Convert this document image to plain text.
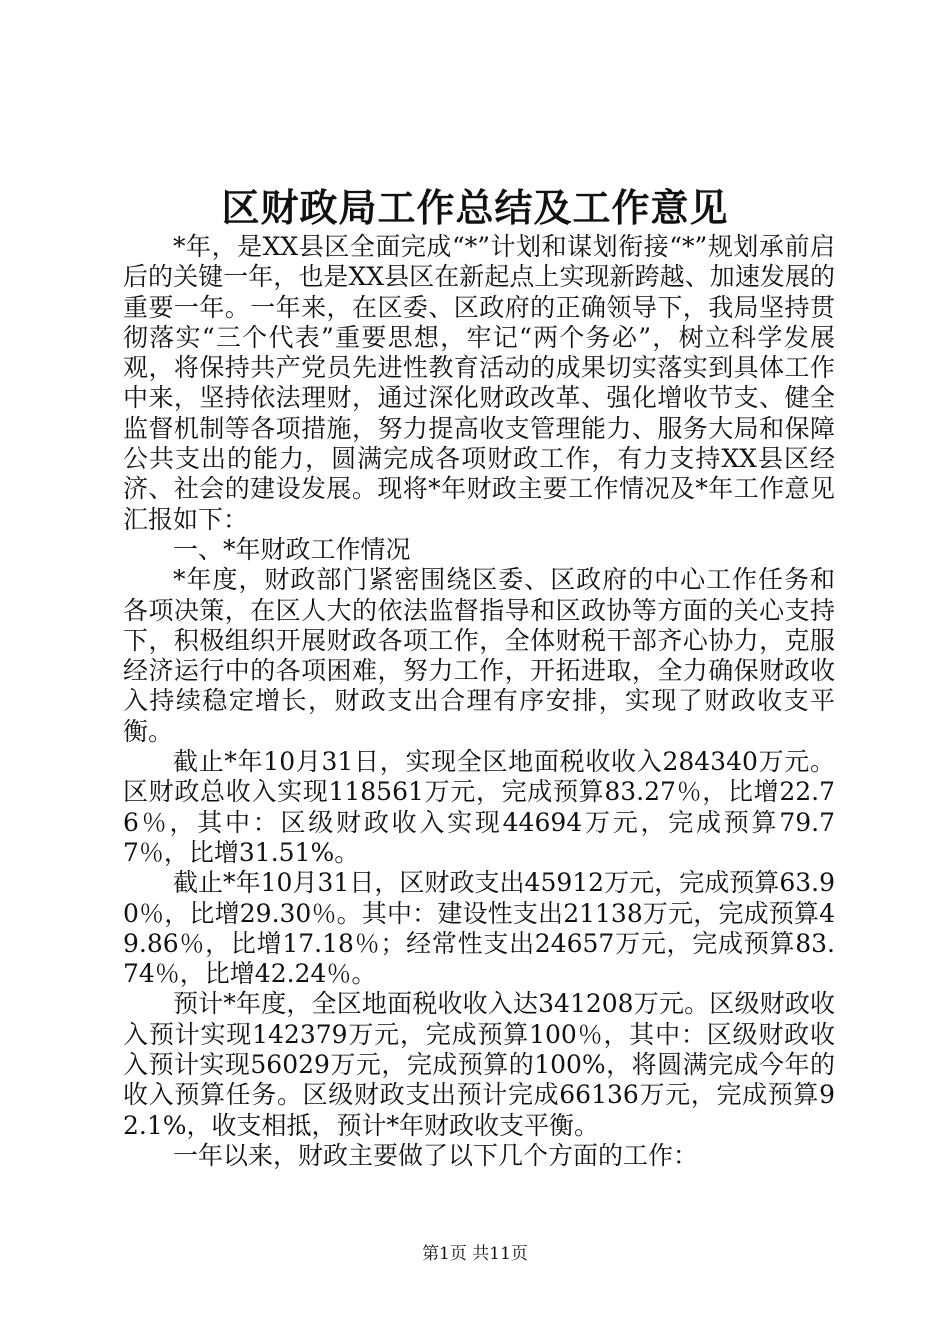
区财政局工作总结及工作意见

*年，是XX县区全面完成“*”计划和谋划衔接“*”规划承前启后的关键一年，也是XX县区在新起点上实现新跨越、加速发展的重要一年。一年来，在区委、区政府的正确领导下，我局坚持贯彻落实“三个代表”重要思想，牢记“两个务必”，树立科学发展观，将保持共产党员先进性教育活动的成果切实落实到具体工作中来，坚持依法理财，通过深化财政改革、强化增收节支、健全监督机制等各项措施，努力提高收支管理能力、服务大局和保障公共支出的能力，圆满完成各项财政工作，有力支持XX县区经济、社会的建设发展。现将*年财政主要工作情况及*年工作意见汇报如下：

一、*年财政工作情况

*年度，财政部门紧密围绕区委、区政府的中心工作任务和各项决策，在区人大的依法监督指导和区政协等方面的关心支持下，积极组织开展财政各项工作，全体财税干部齐心协力，克服经济运行中的各项困难，努力工作，开拓进取，全力确保财政收入持续稳定增长，财政支出合理有序安排，实现了财政收支平衡。

截止*年10月31日，实现全区地面税收收入284340万元。区财政总收入实现118561万元，完成预算83.27％，比增22.76％，其中：区级财政收入实现44694万元，完成预算79.77％，比增31.51%。

截止*年10月31日，区财政支出45912万元，完成预算63.90％，比增29.30％。其中：建设性支出21138万元，完成预算49.86％，比增17.18％；经常性支出24657万元，完成预算83.74％，比增42.24％。

预计*年度，全区地面税收收入达341208万元。区级财政收入预计实现142379万元，完成预算100％，其中：区级财政收入预计实现56029万元，完成预算的100%，将圆满完成今年的收入预算任务。区级财政支出预计完成66136万元，完成预算92.1%，收支相抵，预计*年财政收支平衡。

一年以来，财政主要做了以下几个方面的工作：

第1页 共11页
